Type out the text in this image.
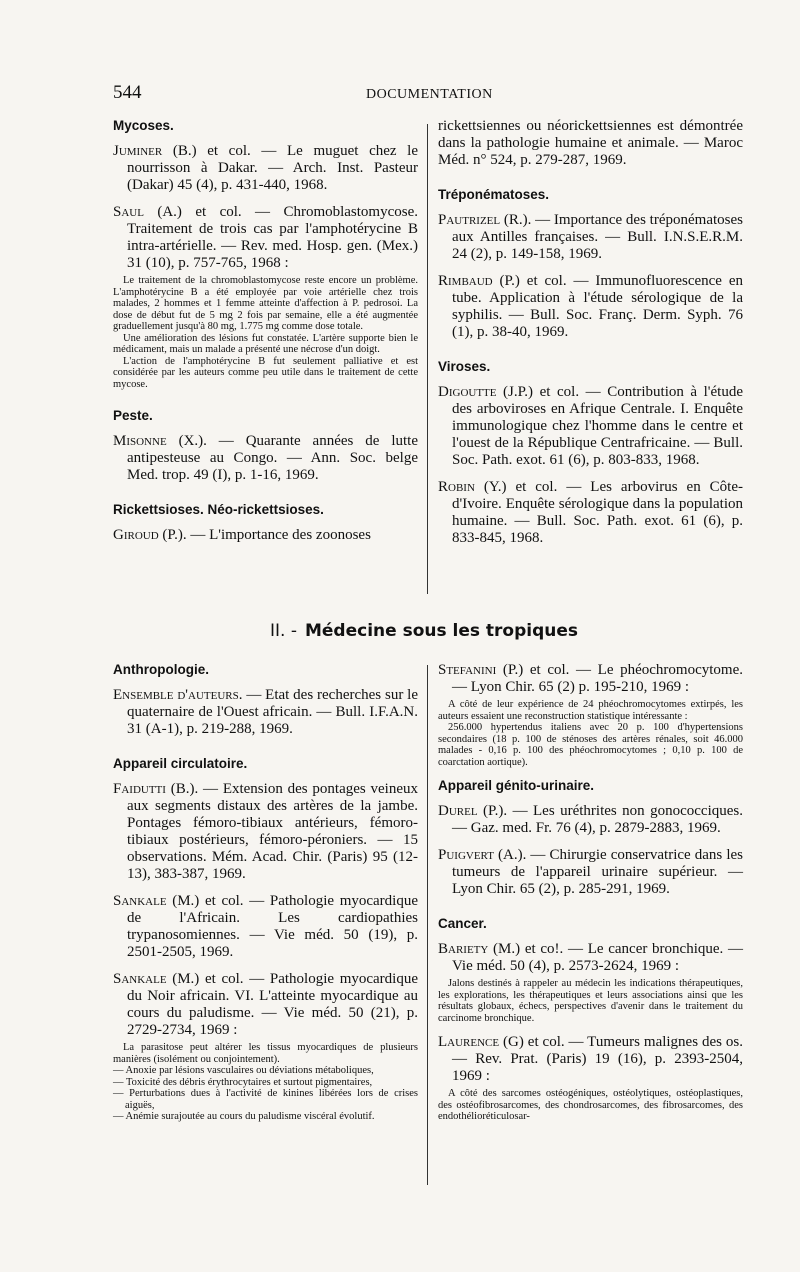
544	DOCUMENTATION
Mycoses.
Juminer (B.) et col. — Le muguet chez le nourrisson à Dakar. — Arch. Inst. Pasteur (Dakar) 45 (4), p. 431-440, 1968.
Saul (A.) et col. — Chromoblastomycose. Traitement de trois cas par l'amphotérycine B intra-artérielle. — Rev. med. Hosp. gen. (Mex.) 31 (10), p. 757-765, 1968 :

Le traitement de la chromoblastomycose reste encore un problème. L'amphotérycine B a été employée par voie artérielle chez trois malades, 2 hommes et 1 femme atteinte d'affection à P. pedrosoi. La dose de début fut de 5 mg 2 fois par semaine, elle a été augmentée graduellement jusqu'à 80 mg, 1.775 mg comme dose totale.

Une amélioration des lésions fut constatée. L'artère supporte bien le médicament, mais un malade a présenté une nécrose d'un doigt.

L'action de l'amphotérycine B fut seulement palliative et est considérée par les auteurs comme peu utile dans le traitement de cette mycose.

Peste.
Misonne (X.). — Quarante années de lutte antipesteuse au Congo. — Ann. Soc. belge Med. trop. 49 (I), p. 1-16, 1969.
Rickettsioses. Néo-rickettsioses.
Giroud (P.). — L'importance des zoonoses
rickettsiennes ou néorickettsiennes est démontrée dans la pathologie humaine et animale. — Maroc Méd. n° 524, p. 279-287, 1969.
Tréponématoses.
Pautrizel (R.). — Importance des tréponématoses aux Antilles françaises. — Bull. I.N.S.E.R.M. 24 (2), p. 149-158, 1969.
Rimbaud (P.) et col. — Immunofluorescence en tube. Application à l'étude sérologique de la syphilis. — Bull. Soc. Franç. Derm. Syph. 76 (1), p. 38-40, 1969.
Viroses.
Digoutte (J.P.) et col. — Contribution à l'étude des arboviroses en Afrique Centrale. I. Enquête immunologique chez l'homme dans le centre et l'ouest de la République Centrafricaine. — Bull. Soc. Path. exot. 61 (6), p. 803-833, 1968.
Robin (Y.) et col. — Les arbovirus en Côte-d'Ivoire. Enquête sérologique dans la population humaine. — Bull. Soc. Path. exot. 61 (6), p. 833-845, 1968.
II. - Médecine sous les tropiques
Anthropologie.
Ensemble d'auteurs. — Etat des recherches sur le quaternaire de l'Ouest africain. — Bull. I.F.A.N. 31 (A-1), p. 219-288, 1969.
Appareil circulatoire.
Faidutti (B.). — Extension des pontages veineux aux segments distaux des artères de la jambe. Pontages fémoro-tibiaux antérieurs, fémoro-tibiaux postérieurs, fémoro-péroniers. — 15 observations. Mém. Acad. Chir. (Paris) 95 (12-13), 383-387, 1969.
Sankale (M.) et col. — Pathologie myocardique de l'Africain. Les cardiopathies trypanosomiennes. — Vie méd. 50 (19), p. 2501-2505, 1969.
Sankale (M.) et col. — Pathologie myocardique du Noir africain. VI. L'atteinte myocardique au cours du paludisme. — Vie méd. 50 (21), p. 2729-2734, 1969 :

La parasitose peut altérer les tissus myocardiques de plusieurs manières (isolément ou conjointement).

— Anoxie par lésions vasculaires ou déviations métaboliques,
— Toxicité des débris érythrocytaires et surtout pigmentaires,
— Perturbations dues à l'activité de kinines libérées lors de crises aiguës,
— Anémie surajoutée au cours du paludisme viscéral évolutif.
Stefanini (P.) et col. — Le phéochromocytome. — Lyon Chir. 65 (2) p. 195-210, 1969 :

A côté de leur expérience de 24 phéochromocytomes extirpés, les auteurs essaient une reconstruction statistique intéressante :

256.000 hypertendus italiens avec 20 p. 100 d'hypertensions secondaires (18 p. 100 de sténoses des artères rénales, soit 46.000 malades - 0,16 p. 100 des phéochromocytomes ; 0,10 p. 100 de coarctation aortique).

Appareil génito-urinaire.
Durel (P.). — Les uréthrites non gonococciques. — Gaz. med. Fr. 76 (4), p. 2879-2883, 1969.
Puigvert (A.). — Chirurgie conservatrice dans les tumeurs de l'appareil urinaire supérieur. — Lyon Chir. 65 (2), p. 285-291, 1969.
Cancer.
Bariety (M.) et co!. — Le cancer bronchique. — Vie méd. 50 (4), p. 2573-2624, 1969 :

Jalons destinés à rappeler au médecin les indications thérapeutiques, les explorations, les thérapeutiques et leurs associations ainsi que les résultats globaux, échecs, perspectives d'avenir dans le traitement du carcinome bronchique.

Laurence (G) et col. — Tumeurs malignes des os. — Rev. Prat. (Paris) 19 (16), p. 2393-2504, 1969 :

A côté des sarcomes ostéogéniques, ostéolytiques, ostéoplastiques, des ostéofibrosarcomes, des chondrosarcomes, des fibrosarcomes, des endothélioréticulosar-
